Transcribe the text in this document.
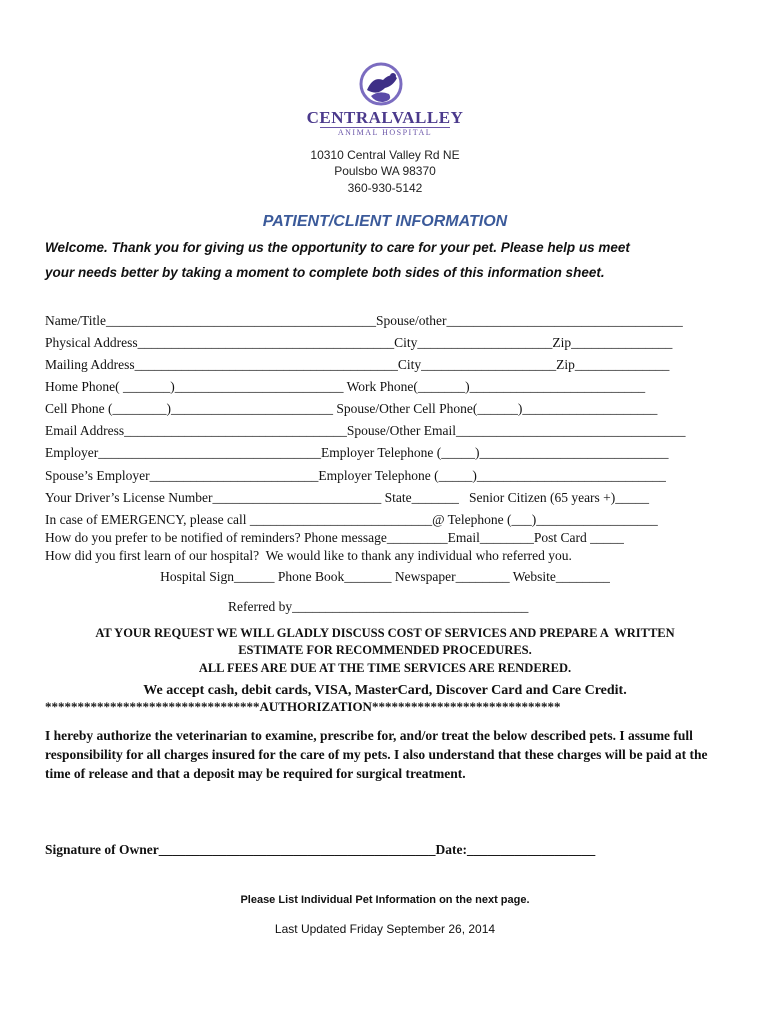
CENTRALVALLEY
ANIMAL HOSPITAL
10310 Central Valley Rd NE
Poulsbo WA 98370
360-930-5142
PATIENT/CLIENT INFORMATION
Welcome. Thank you for giving us the opportunity to care for your pet. Please help us meet
your needs better by taking a moment to complete both sides of this information sheet.
Name/Title________________________________________Spouse/other___________________________________
Physical Address______________________________________City____________________Zip_______________
Mailing Address_______________________________________City____________________Zip______________
Home Phone( _______)_________________________ Work Phone(_______)__________________________
Cell Phone (________)________________________ Spouse/Other Cell Phone(______)____________________
Email Address_________________________________Spouse/Other Email__________________________________
Employer_________________________________Employer Telephone (_____)____________________________
Spouse’s Employer_________________________Employer Telephone (_____)____________________________
Your Driver’s License Number_________________________ State_______   Senior Citizen (65 years +)_____
In case of EMERGENCY, please call ___________________________@ Telephone (___)__________________
How do you prefer to be notified of reminders? Phone message_________Email________Post Card _____
How did you first learn of our hospital?  We would like to thank any individual who referred you.
Hospital Sign______ Phone Book_______ Newspaper________ Website________
Referred by___________________________________
AT YOUR REQUEST WE WILL GLADLY DISCUSS COST OF SERVICES AND PREPARE A  WRITTEN
ESTIMATE FOR RECOMMENDED PROCEDURES.
ALL FEES ARE DUE AT THE TIME SERVICES ARE RENDERED.
We accept cash, debit cards, VISA, MasterCard, Discover Card and Care Credit.
*********************************AUTHORIZATION*****************************
I hereby authorize the veterinarian to examine, prescribe for, and/or treat the below described pets. I assume full responsibility for all charges insured for the care of my pets. I also understand that these charges will be paid at the time of release and that a deposit may be required for surgical treatment.
Signature of Owner_________________________________________Date:___________________
Please List Individual Pet Information on the next page.
Last Updated Friday September 26, 2014
